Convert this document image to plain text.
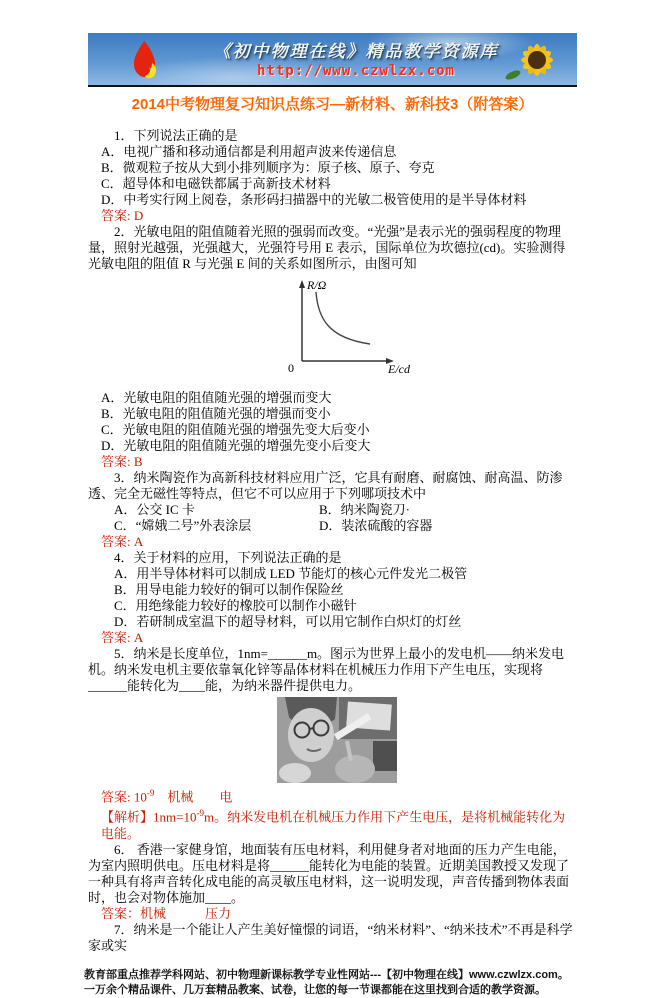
《初中物理在线》精品教学资源库
http://www.czwlzx.com
2014中考物理复习知识点练习—新材料、新科技3（附答案）
1．下列说法正确的是
A．电视广播和移动通信都是利用超声波来传递信息
B．微观粒子按从大到小排列顺序为：原子核、原子、夸克
C．超导体和电磁铁都属于高新技术材料
D．中考实行网上阅卷，条形码扫描器中的光敏二极管使用的是半导体材料
答案: D
2．光敏电阻的阻值随着光照的强弱而改变。“光强”是表示光的强弱程度的物理量，照射光越强，光强越大，光强符号用 E 表示，国际单位为坎德拉(cd)。实验测得光敏电阻的阻值 R 与光强 E 间的关系如图所示，由图可知
R/Ω
E/cd
0
A．光敏电阻的阻值随光强的增强而变大
B．光敏电阻的阻值随光强的增强而变小
C．光敏电阻的阻值随光强的增强先变大后变小
D．光敏电阻的阻值随光强的增强先变小后变大
答案: B
3．纳米陶瓷作为高新科技材料应用广泛，它具有耐磨、耐腐蚀、耐高温、防渗透、完全无磁性等特点，但它不可以应用于下列哪项技术中
A．公交 IC 卡	B．纳米陶瓷刀·
C．“嫦娥二号”外表涂层	D．装浓硫酸的容器
答案: A
4．关于材料的应用，下列说法正确的是
A．用半导体材料可以制成 LED 节能灯的核心元件发光二极管
B．用导电能力较好的铜可以制作保险丝
C．用绝缘能力较好的橡胶可以制作小磁针
D．若研制成室温下的超导材料，可以用它制作白炽灯的灯丝
答案: A
5．纳米是长度单位，1nm=______m。图示为世界上最小的发电机——纳米发电机。纳米发电机主要依靠氧化锌等晶体材料在机械压力作用下产生电压，实现将______能转化为____能，为纳米器件提供电力。
答案: $10^{-9}$　机械　　电
【解析】$1nm=10^{-9}m$。纳米发电机在机械压力作用下产生电压，是将机械能转化为电能。
6． 香港一家健身馆，地面装有压电材料，利用健身者对地面的压力产生电能，为室内照明供电。压电材料是将______能转化为电能的装置。近期美国教授又发现了一种具有将声音转化成电能的高灵敏压电材料，这一说明发现，声音传播到物体表面时，也会对物体施加____。
答案：机械　　　压力
7．纳米是一个能让人产生美好憧憬的词语，“纳米材料”、“纳米技术”不再是科学家或实
教育部重点推荐学科网站、初中物理新课标教学专业性网站---【初中物理在线】www.czwlzx.com。 一万余个精品课件、几万套精品教案、试卷，让您的每一节课都能在这里找到合适的教学资源。
